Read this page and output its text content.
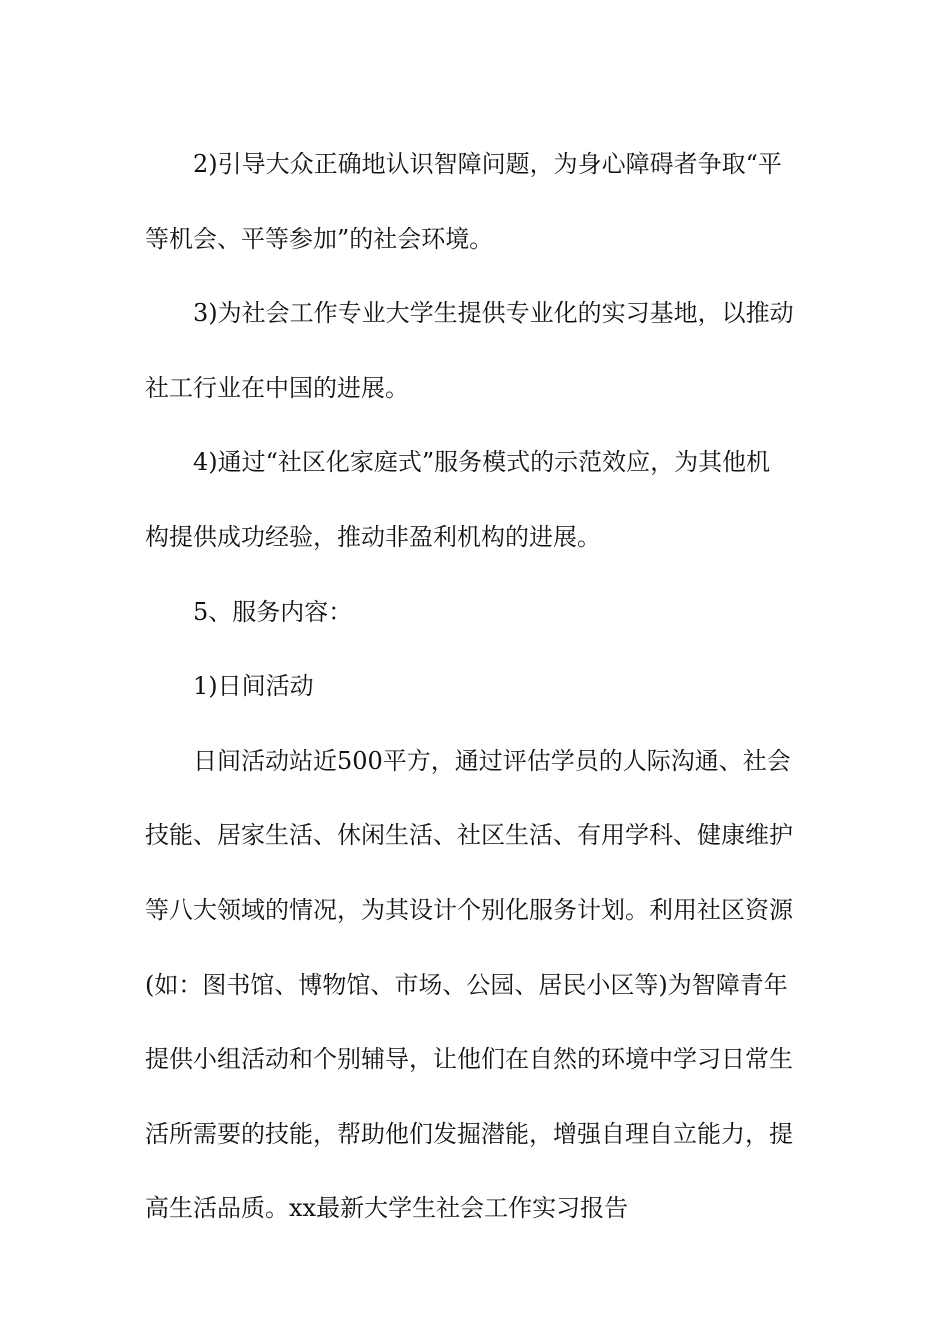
2)引导大众正确地认识智障问题，为身心障碍者争取“平
等机会、平等参加”的社会环境。
3)为社会工作专业大学生提供专业化的实习基地，以推动
社工行业在中国的进展。
4)通过“社区化家庭式”服务模式的示范效应，为其他机
构提供成功经验，推动非盈利机构的进展。
5、服务内容：
1)日间活动
日间活动站近500平方，通过评估学员的人际沟通、社会
技能、居家生活、休闲生活、社区生活、有用学科、健康维护
等八大领域的情况，为其设计个别化服务计划。利用社区资源
(如：图书馆、博物馆、市场、公园、居民小区等)为智障青年
提供小组活动和个别辅导，让他们在自然的环境中学习日常生
活所需要的技能，帮助他们发掘潜能，增强自理自立能力，提
高生活品质。xx最新大学生社会工作实习报告
